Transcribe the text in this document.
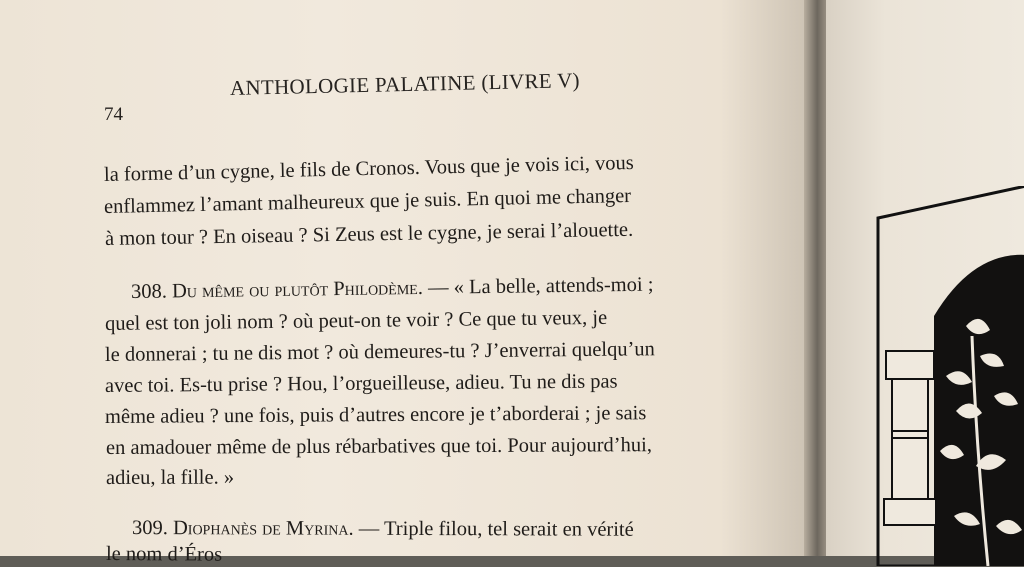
74
ANTHOLOGIE PALATINE (LIVRE V)
la forme d’un cygne, le fils de Cronos. Vous que je vois ici, vous
enflammez l’amant malheureux que je suis. En quoi me changer
à mon tour ? En oiseau ? Si Zeus est le cygne, je serai l’alouette.
308. Du même ou plutôt Philodème. — « La belle, attends-moi ;
quel est ton joli nom ? où peut-on te voir ? Ce que tu veux, je
le donnerai ; tu ne dis mot ? où demeures-tu ? J’enverrai quelqu’un
avec toi. Es-tu prise ? Hou, l’orgueilleuse, adieu. Tu ne dis pas
même adieu ? une fois, puis d’autres encore je t’aborderai ; je sais
en amadouer même de plus rébarbatives que toi. Pour aujourd’hui,
adieu, la fille. »
309. Diophanès de Myrina. — Triple filou, tel serait en vérité
le nom d’Éros
